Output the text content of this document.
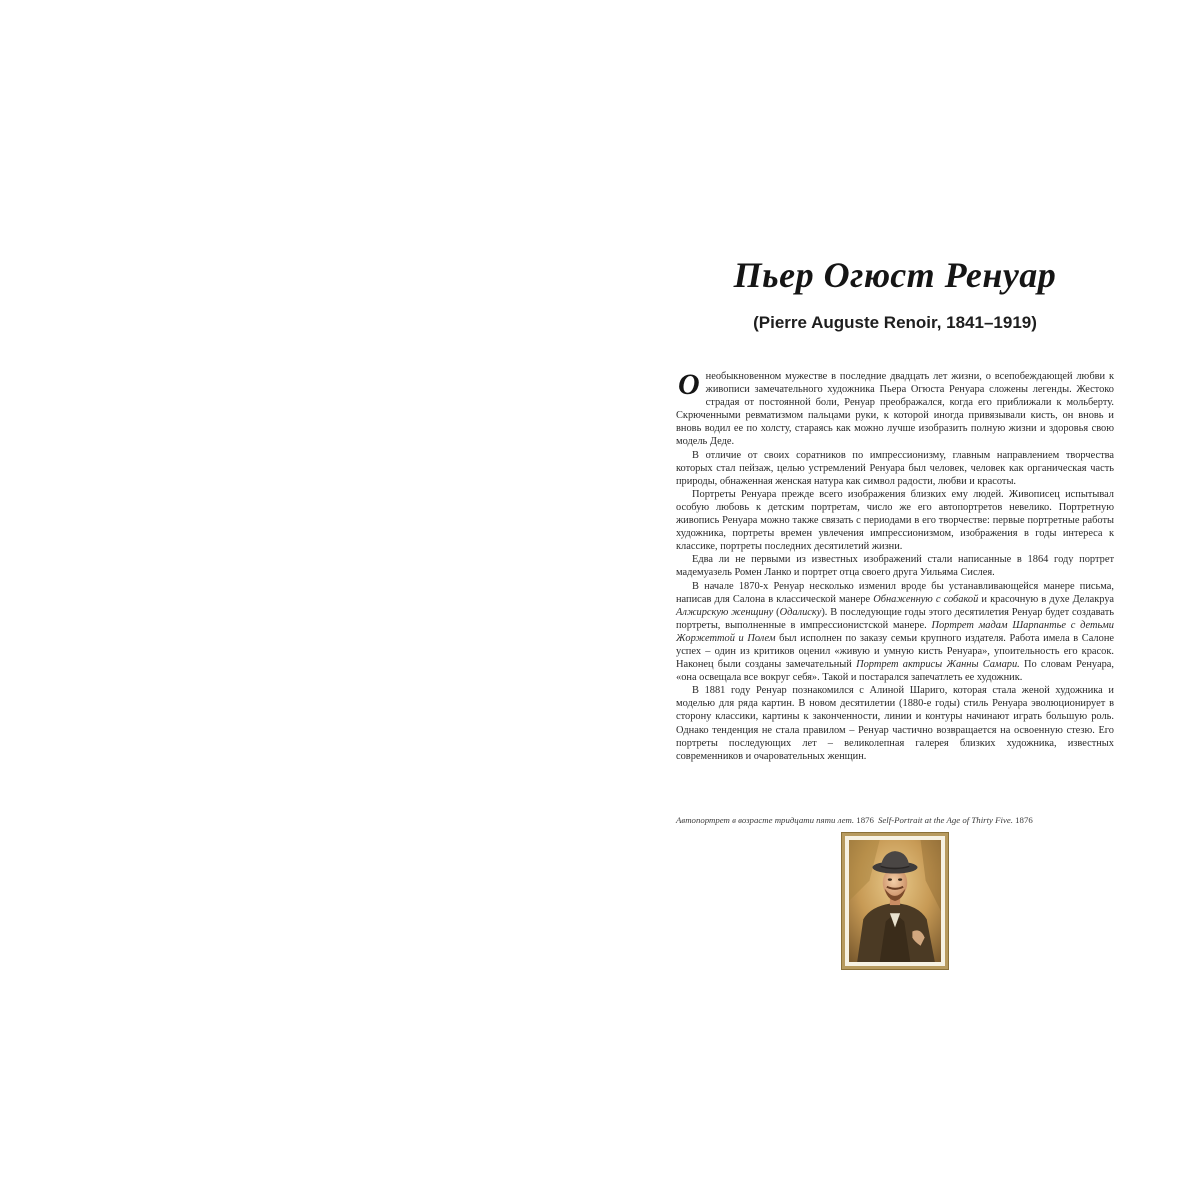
Пьер Огюст Ренуар
(Pierre Auguste Renoir, 1841–1919)

О необыкновенном мужестве в последние двадцать лет жизни, о всепобеждающей любви к живописи замечательного художника Пьера Огюста Ренуара сложены легенды. Жестоко страдая от постоянной боли, Ренуар преображался, когда его приближали к мольберту. Скрюченными ревматизмом пальцами руки, к которой иногда привязывали кисть, он вновь и вновь водил ее по холсту, стараясь как можно лучше изобразить полную жизни и здоровья свою модель Деде.

В отличие от своих соратников по импрессионизму, главным направлением творчества которых стал пейзаж, целью устремлений Ренуара был человек, человек как органическая часть природы, обнаженная женская натура как символ радости, любви и красоты.

Портреты Ренуара прежде всего изображения близких ему людей. Живописец испытывал особую любовь к детским портретам, число же его автопортретов невелико. Портретную живопись Ренуара можно также связать с периодами в его творчестве: первые портретные работы художника, портреты времен увлечения импрессионизмом, изображения в годы интереса к классике, портреты последних десятилетий жизни.

Едва ли не первыми из известных изображений стали написанные в 1864 году портрет мадемуазель Ромен Ланко и портрет отца своего друга Уильяма Сислея.

В начале 1870-х Ренуар несколько изменил вроде бы устанавливающейся манере письма, написав для Салона в классической манере Обнаженную с собакой и красочную в духе Делакруа Алжирскую женщину (Одалиску). В последующие годы этого десятилетия Ренуар будет создавать портреты, выполненные в импрессионистской манере. Портрет мадам Шарпантье с детьми Жоржеттой и Полем был исполнен по заказу семьи крупного издателя. Работа имела в Салоне успех – один из критиков оценил «живую и умную кисть Ренуара», упоительность его красок. Наконец были созданы замечательный Портрет актрисы Жанны Самари. По словам Ренуара, «она освещала все вокруг себя». Такой и постарался запечатлеть ее художник.

В 1881 году Ренуар познакомился с Алиной Шариго, которая стала женой художника и моделью для ряда картин. В новом десятилетии (1880-е годы) стиль Ренуара эволюционирует в сторону классики, картины к законченности, линии и контуры начинают играть большую роль. Однако тенденция не стала правилом – Ренуар частично возвращается на освоенную стезю. Его портреты последующих лет – великолепная галерея близких художника, известных современников и очаровательных женщин.

Автопортрет в возрасте тридцати пяти лет. 1876 Self-Portrait at the Age of Thirty Five. 1876
